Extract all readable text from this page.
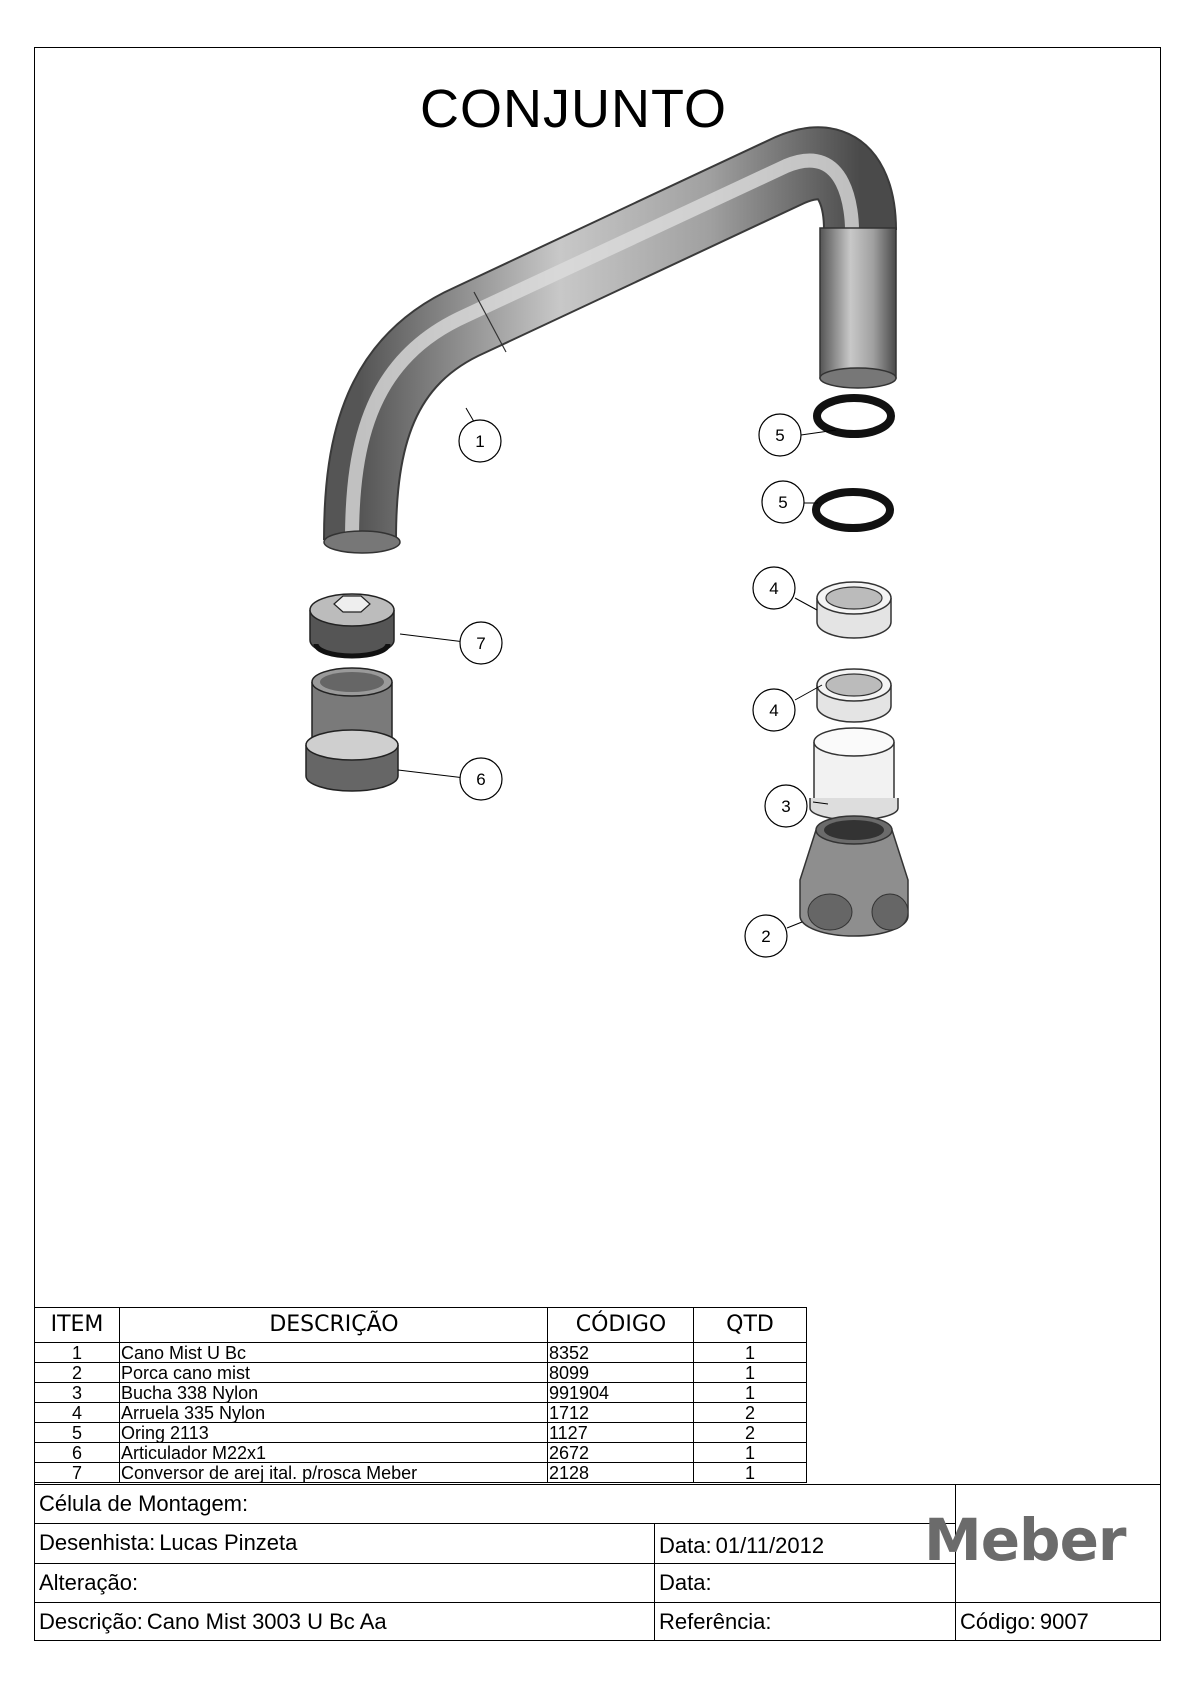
CONJUNTO
1	5
5
4
4
7
6
3
2
ITEM	DESCRIÇÃO	CÓDIGO	QTD
1	Cano Mist U Bc	8352	1
2	Porca cano mist	8099	1
3	Bucha 338 Nylon	991904	1
4	Arruela 335 Nylon	1712	2
5	Oring 2113	1127	2
6	Articulador M22x1	2672	1
7	Conversor de arej ital. p/rosca Meber	2128	1
Célula de Montagem:
Desenhista: Lucas Pinzeta	Data: 01/11/2012
Alteração:	Data:
Descrição: Cano Mist 3003 U Bc Aa	Referência:	Código: 9007
Meber
